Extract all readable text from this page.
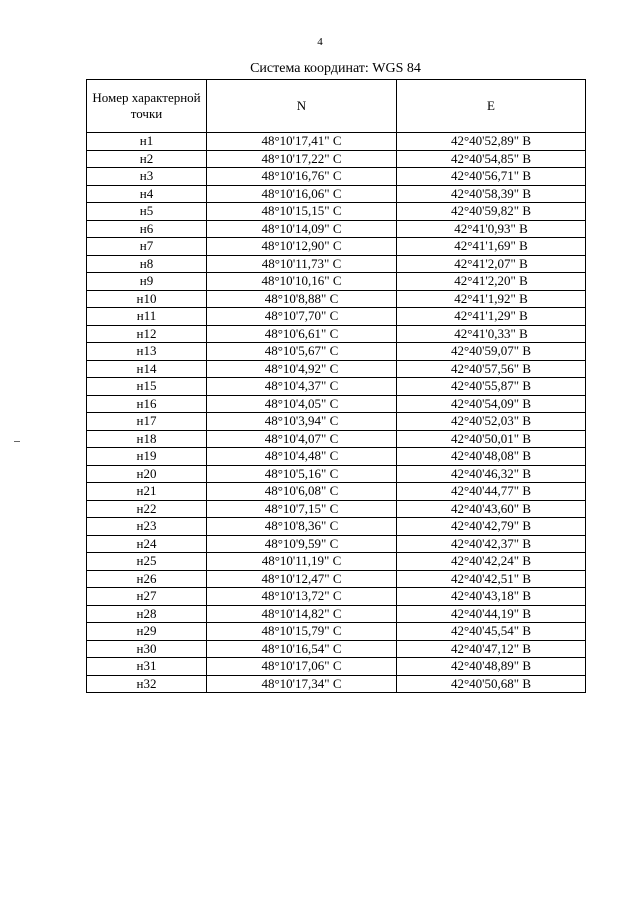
4
Система координат: WGS 84
Номер характерной точки	N	E
н1	48°10'17,41" С	42°40'52,89" В
н2	48°10'17,22" С	42°40'54,85" В
н3	48°10'16,76" С	42°40'56,71" В
н4	48°10'16,06" С	42°40'58,39" В
н5	48°10'15,15" С	42°40'59,82" В
н6	48°10'14,09" С	42°41'0,93" В
н7	48°10'12,90" С	42°41'1,69" В
н8	48°10'11,73" С	42°41'2,07" В
н9	48°10'10,16" С	42°41'2,20" В
н10	48°10'8,88" С	42°41'1,92" В
н11	48°10'7,70" С	42°41'1,29" В
н12	48°10'6,61" С	42°41'0,33" В
н13	48°10'5,67" С	42°40'59,07" В
н14	48°10'4,92" С	42°40'57,56" В
н15	48°10'4,37" С	42°40'55,87" В
н16	48°10'4,05" С	42°40'54,09" В
н17	48°10'3,94" С	42°40'52,03" В
н18	48°10'4,07" С	42°40'50,01" В
н19	48°10'4,48" С	42°40'48,08" В
н20	48°10'5,16" С	42°40'46,32" В
н21	48°10'6,08" С	42°40'44,77" В
н22	48°10'7,15" С	42°40'43,60" В
н23	48°10'8,36" С	42°40'42,79" В
н24	48°10'9,59" С	42°40'42,37" В
н25	48°10'11,19" С	42°40'42,24" В
н26	48°10'12,47" С	42°40'42,51" В
н27	48°10'13,72" С	42°40'43,18" В
н28	48°10'14,82" С	42°40'44,19" В
н29	48°10'15,79" С	42°40'45,54" В
н30	48°10'16,54" С	42°40'47,12" В
н31	48°10'17,06" С	42°40'48,89" В
н32	48°10'17,34" С	42°40'50,68" В
